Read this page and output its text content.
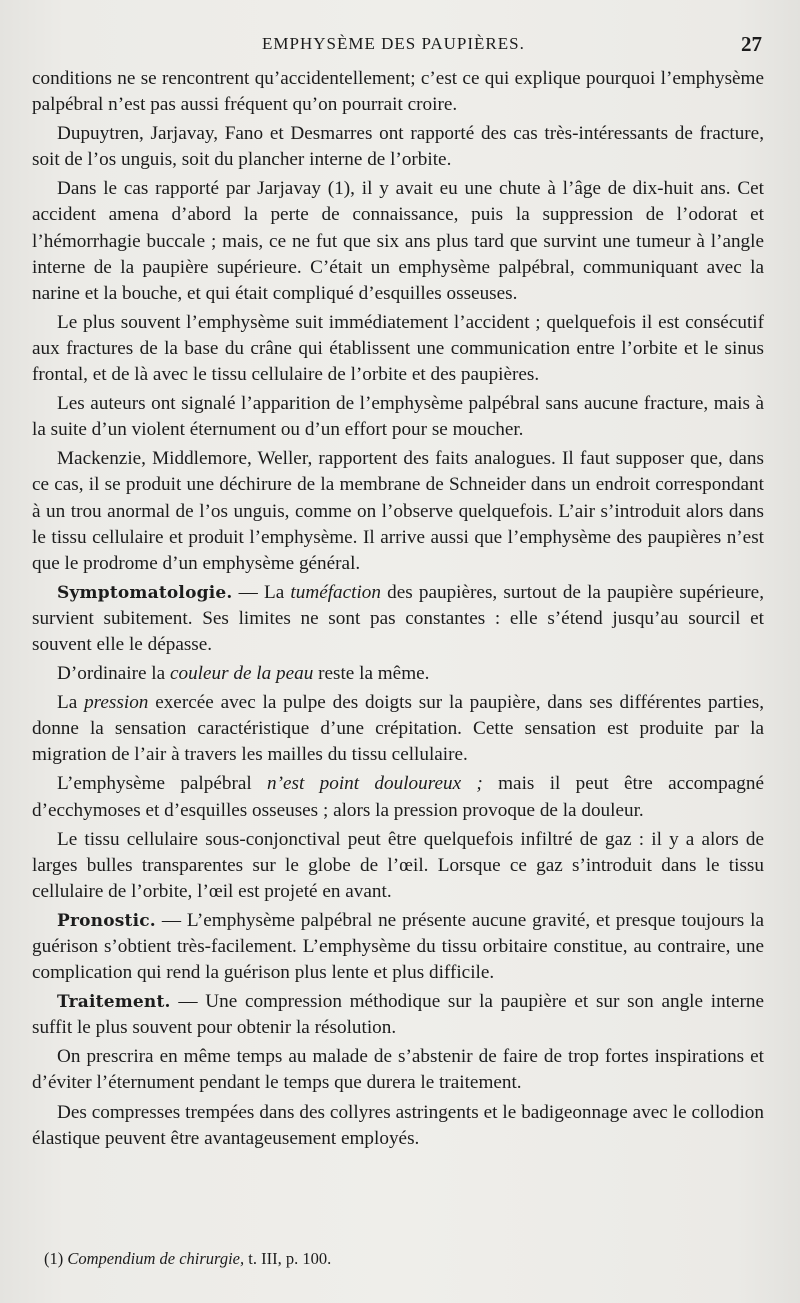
EMPHYSÈME DES PAUPIÈRES.	27

conditions ne se rencontrent qu’accidentellement; c’est ce qui explique pourquoi l’emphysème palpébral n’est pas aussi fréquent qu’on pourrait croire.

Dupuytren, Jarjavay, Fano et Desmarres ont rapporté des cas très-intéressants de fracture, soit de l’os unguis, soit du plancher interne de l’orbite.

Dans le cas rapporté par Jarjavay (1), il y avait eu une chute à l’âge de dix-huit ans. Cet accident amena d’abord la perte de connaissance, puis la suppression de l’odorat et l’hémorrhagie buccale ; mais, ce ne fut que six ans plus tard que survint une tumeur à l’angle interne de la paupière supérieure. C’était un emphysème palpébral, communiquant avec la narine et la bouche, et qui était compliqué d’esquilles osseuses.

Le plus souvent l’emphysème suit immédiatement l’accident ; quelquefois il est consécutif aux fractures de la base du crâne qui établissent une communication entre l’orbite et le sinus frontal, et de là avec le tissu cellulaire de l’orbite et des paupières.

Les auteurs ont signalé l’apparition de l’emphysème palpébral sans aucune fracture, mais à la suite d’un violent éternument ou d’un effort pour se moucher.

Mackenzie, Middlemore, Weller, rapportent des faits analogues. Il faut supposer que, dans ce cas, il se produit une déchirure de la membrane de Schneider dans un endroit correspondant à un trou anormal de l’os unguis, comme on l’observe quelquefois. L’air s’introduit alors dans le tissu cellulaire et produit l’emphysème. Il arrive aussi que l’emphysème des paupières n’est que le prodrome d’un emphysème général.

Symptomatologie. — La tuméfaction des paupières, surtout de la paupière supérieure, survient subitement. Ses limites ne sont pas constantes : elle s’étend jusqu’au sourcil et souvent elle le dépasse.

D’ordinaire la couleur de la peau reste la même.

La pression exercée avec la pulpe des doigts sur la paupière, dans ses différentes parties, donne la sensation caractéristique d’une crépitation. Cette sensation est produite par la migration de l’air à travers les mailles du tissu cellulaire.

L’emphysème palpébral n’est point douloureux ; mais il peut être accompagné d’ecchymoses et d’esquilles osseuses ; alors la pression provoque de la douleur.

Le tissu cellulaire sous-conjonctival peut être quelquefois infiltré de gaz : il y a alors de larges bulles transparentes sur le globe de l’œil. Lorsque ce gaz s’introduit dans le tissu cellulaire de l’orbite, l’œil est projeté en avant.

Pronostic. — L’emphysème palpébral ne présente aucune gravité, et presque toujours la guérison s’obtient très-facilement. L’emphysème du tissu orbitaire constitue, au contraire, une complication qui rend la guérison plus lente et plus difficile.

Traitement. — Une compression méthodique sur la paupière et sur son angle interne suffit le plus souvent pour obtenir la résolution.

On prescrira en même temps au malade de s’abstenir de faire de trop fortes inspirations et d’éviter l’éternument pendant le temps que durera le traitement.

Des compresses trempées dans des collyres astringents et le badigeonnage avec le collodion élastique peuvent être avantageusement employés.

(1) Compendium de chirurgie, t. III, p. 100.
